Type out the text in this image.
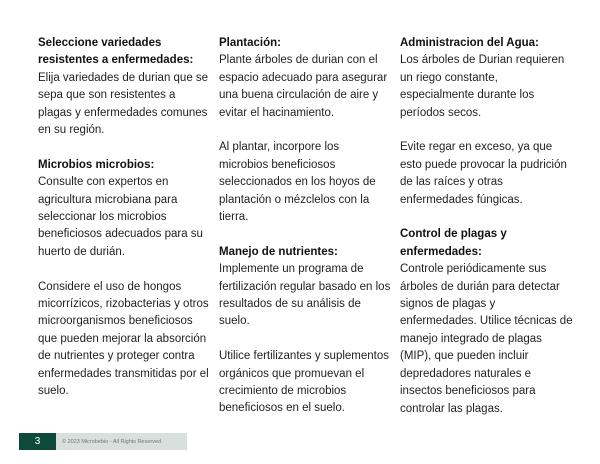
Seleccione variedades resistentes a enfermedades:

Elija variedades de durian que se sepa que son resistentes a plagas y enfermedades comunes en su región.

Microbios microbios:

Consulte con expertos en agricultura microbiana para seleccionar los microbios beneficiosos adecuados para su huerto de durián.

Considere el uso de hongos micorrízicos, rizobacterias y otros microorganismos beneficiosos que pueden mejorar la absorción de nutrientes y proteger contra enfermedades transmitidas por el suelo.

Plantación:

Plante árboles de durian con el espacio adecuado para asegurar una buena circulación de aire y evitar el hacinamiento.

Al plantar, incorpore los microbios beneficiosos seleccionados en los hoyos de plantación o mézclelos con la tierra.

Manejo de nutrientes:

Implemente un programa de fertilización regular basado en los resultados de su análisis de suelo.

Utilice fertilizantes y suplementos orgánicos que promuevan el crecimiento de microbios beneficiosos en el suelo.

Administracion del Agua:

Los árboles de Durian requieren un riego constante, especialmente durante los períodos secos.

Evite regar en exceso, ya que esto puede provocar la pudrición de las raíces y otras enfermedades fúngicas.

Control de plagas y enfermedades:

Controle periódicamente sus árboles de durián para detectar signos de plagas y enfermedades. Utilice técnicas de manejo integrado de plagas (MIP), que pueden incluir depredadores naturales e insectos beneficiosos para controlar las plagas.

3	© 2023 Microbebio - All Rights Reserved
